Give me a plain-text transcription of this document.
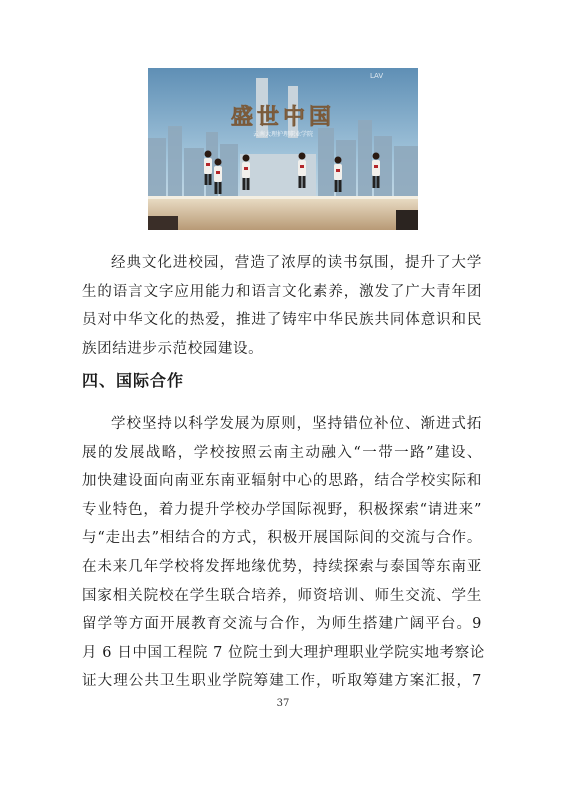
LAV
盛世中国
云南大理护理职业学院
经典文化进校园，营造了浓厚的读书氛围，提升了大学
生的语言文字应用能力和语言文化素养，激发了广大青年团
员对中华文化的热爱，推进了铸牢中华民族共同体意识和民
族团结进步示范校园建设。
四、国际合作
学校坚持以科学发展为原则，坚持错位补位、渐进式拓
展的发展战略，学校按照云南主动融入“一带一路”建设、
加快建设面向南亚东南亚辐射中心的思路，结合学校实际和
专业特色，着力提升学校办学国际视野，积极探索“请进来”
与“走出去”相结合的方式，积极开展国际间的交流与合作。
在未来几年学校将发挥地缘优势，持续探索与泰国等东南亚
国家相关院校在学生联合培养，师资培训、师生交流、学生
留学等方面开展教育交流与合作，为师生搭建广阔平台。9
月 6 日中国工程院 7 位院士到大理护理职业学院实地考察论
证大理公共卫生职业学院筹建工作，听取筹建方案汇报，7
37
